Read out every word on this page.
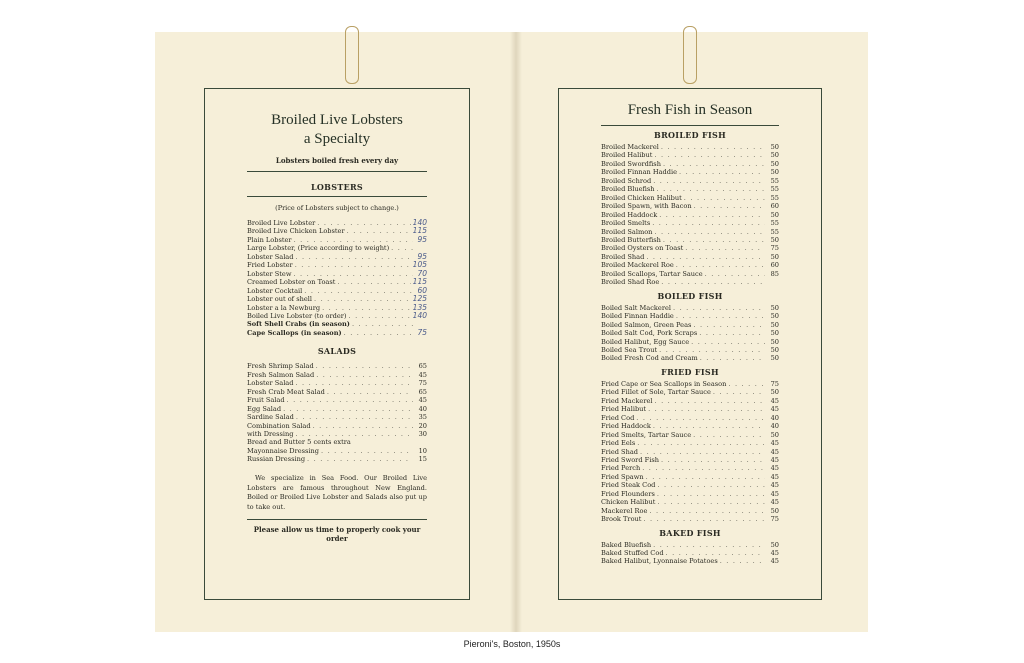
Broiled Live Lobsters

a Specialty

Lobsters boiled fresh every day

LOBSTERS

(Price of Lobsters subject to change.)

Broiled Live Lobster . . .	140
Broiled Live Chicken Lobster . . .	115
Plain Lobster . . .	95
Large Lobster, (Price according to weight)
. . .
Lobster Salad . . .	95
Fried Lobster . . .	105
Lobster Stew . . .	70
Creamed Lobster on Toast . . .	115
Lobster Cocktail . . .	60
Lobster out of shell . . .	125
Lobster a la Newburg . . .	135
Boiled Live Lobster (to order) . . .	140
Soft Shell Crabs (in season)
. . .
Cape Scallops (in season) . . .	75

SALADS

Fresh Shrimp Salad . . .	65
Fresh Salmon Salad . . .	45
Lobster Salad . . .	75
Fresh Crab Meat Salad . . .	65
Fruit Salad . . .	45
Egg Salad . . .	40
Sardine Salad . . .	35
Combination Salad . . .	20
with Dressing . . .	30
Bread and Butter 5 cents extra
Mayonnaise Dressing . . .	10
Russian Dressing . . .	15

We specialize in Sea Food. Our Broiled Live Lobsters are famous throughout New England. Boiled or Broiled Live Lobster and Salads also put up to take out.

Please allow us time to properly cook your order

Fresh Fish in Season

BROILED FISH

Broiled Mackerel . . .	50
Broiled Halibut . . .	50
Broiled Swordfish . . .	50
Broiled Finnan Haddie . . .	50
Broiled Schrod . . .	55
Broiled Bluefish . . .	55
Broiled Chicken Halibut . . .	55
Broiled Spawn, with Bacon . . .	60
Broiled Haddock . . .	50
Broiled Smelts . . .	55
Broiled Salmon . . .	55
Broiled Butterfish . . .	50
Broiled Oysters on Toast . . .	75
Broiled Shad . . .	50
Broiled Mackerel Roe . . .	60
Broiled Scallops, Tartar Sauce . . .	85
Broiled Shad Roe
. . .

BOILED FISH

Boiled Salt Mackerel . . .	50
Boiled Finnan Haddie . . .	50
Boiled Salmon, Green Peas . . .	50
Boiled Salt Cod, Pork Scraps . . .	50
Boiled Halibut, Egg Sauce . . .	50
Boiled Sea Trout . . .	50
Boiled Fresh Cod and Cream . . .	50

FRIED FISH

Fried Cape or Sea Scallops in Season . . .	75
Fried Fillet of Sole, Tartar Sauce . . .	50
Fried Mackerel . . .	45
Fried Halibut . . .	45
Fried Cod . . .	40
Fried Haddock . . .	40
Fried Smelts, Tartar Sauce . . .	50
Fried Eels . . .	45
Fried Shad . . .	45
Fried Sword Fish . . .	45
Fried Perch . . .	45
Fried Spawn . . .	45
Fried Steak Cod . . .	45
Fried Flounders . . .	45
Chicken Halibut . . .	45
Mackerel Roe . . .	50
Brook Trout . . .	75

BAKED FISH

Baked Bluefish . . .	50
Baked Stuffed Cod . . .	45
Baked Halibut, Lyonnaise Potatoes . . .	45
Pieroni's, Boston, 1950s
